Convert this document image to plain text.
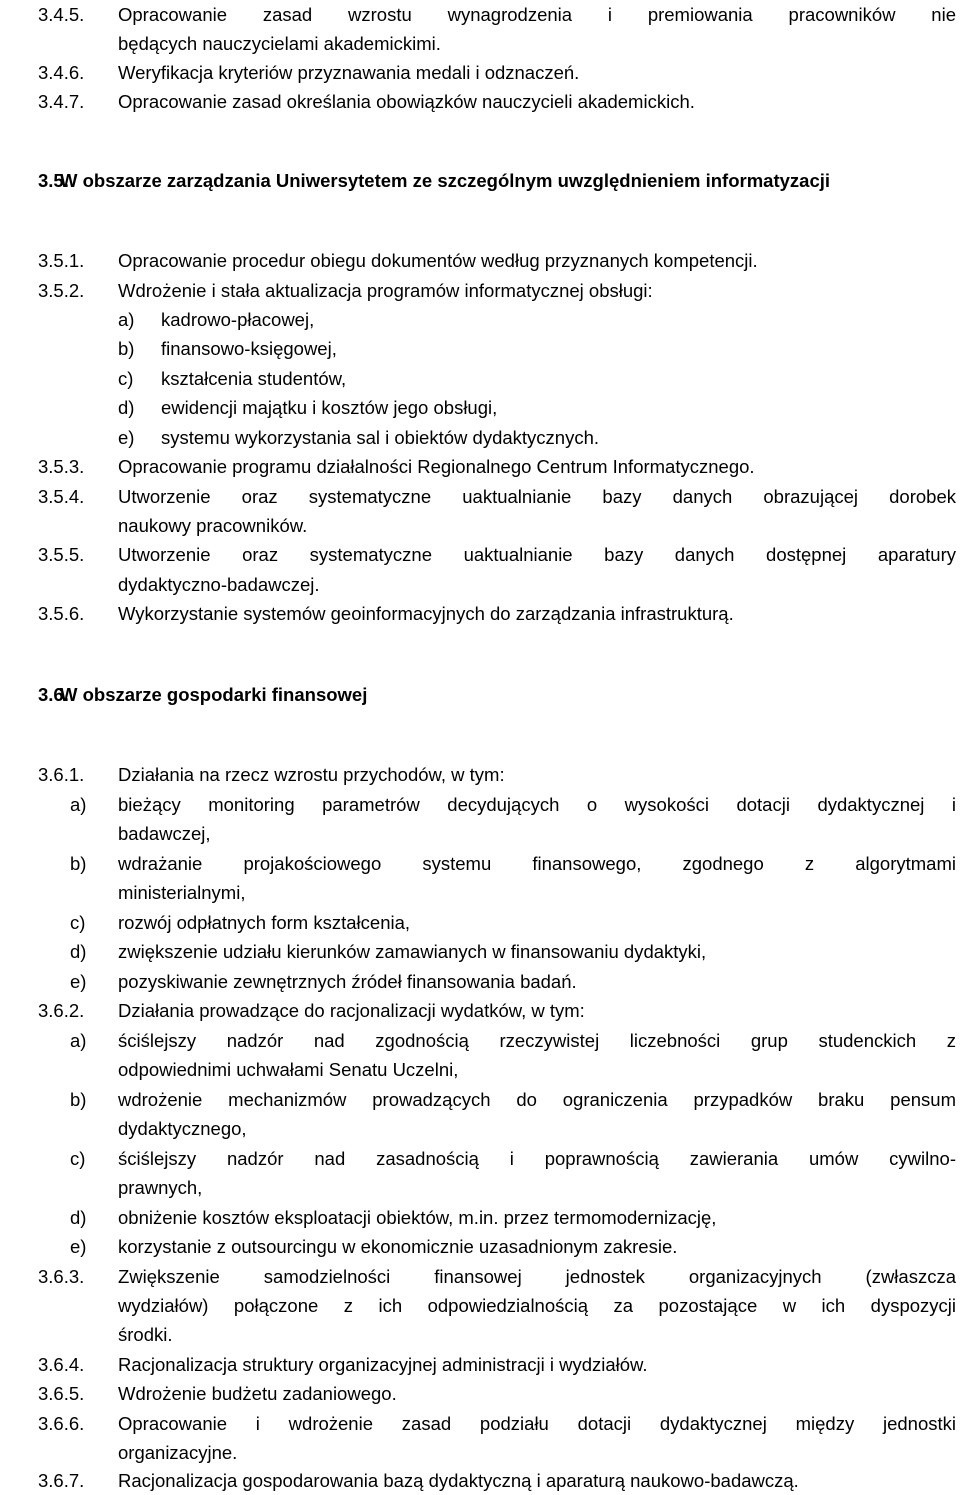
3.4.5. Opracowanie zasad wzrostu wynagrodzenia i premiowania pracowników nie
będących nauczycielami akademickimi.
3.4.6. Weryfikacja kryteriów przyznawania medali i odznaczeń.
3.4.7. Opracowanie zasad określania obowiązków nauczycieli akademickich.
3.5.
W obszarze zarządzania Uniwersytetem ze szczególnym uwzględnieniem informatyzacji
3.5.1. Opracowanie procedur obiegu dokumentów według przyznanych kompetencji.
3.5.2. Wdrożenie i stała aktualizacja programów informatycznej obsługi:
a) kadrowo-płacowej,
b) finansowo-księgowej,
c) kształcenia studentów,
d) ewidencji majątku i kosztów jego obsługi,
e) systemu wykorzystania sal i obiektów dydaktycznych.
3.5.3. Opracowanie programu działalności Regionalnego Centrum Informatycznego.
3.5.4. Utworzenie oraz systematyczne uaktualnianie bazy danych obrazującej dorobek
naukowy pracowników.
3.5.5. Utworzenie oraz systematyczne uaktualnianie bazy danych dostępnej aparatury
dydaktyczno-badawczej.
3.5.6. Wykorzystanie systemów geoinformacyjnych do zarządzania infrastrukturą.
3.6.
W obszarze gospodarki finansowej
3.6.1. Działania na rzecz wzrostu przychodów, w tym:
a) bieżący monitoring parametrów decydujących o wysokości dotacji dydaktycznej i
badawczej,
b) wdrażanie projakościowego systemu finansowego, zgodnego z algorytmami
ministerialnymi,
c) rozwój odpłatnych form kształcenia,
d) zwiększenie udziału kierunków zamawianych w finansowaniu dydaktyki,
e) pozyskiwanie zewnętrznych źródeł finansowania badań.
3.6.2. Działania prowadzące do racjonalizacji wydatków, w tym:
a) ściślejszy nadzór nad zgodnością rzeczywistej liczebności grup studenckich z
odpowiednimi uchwałami Senatu Uczelni,
b) wdrożenie mechanizmów prowadzących do ograniczenia przypadków braku pensum
dydaktycznego,
c) ściślejszy nadzór nad zasadnością i poprawnością zawierania umów cywilno-
prawnych,
d) obniżenie kosztów eksploatacji obiektów, m.in. przez termomodernizację,
e) korzystanie z outsourcingu w ekonomicznie uzasadnionym zakresie.
3.6.3. Zwiększenie samodzielności finansowej jednostek organizacyjnych (zwłaszcza
wydziałów) połączone z ich odpowiedzialnością za pozostające w ich dyspozycji
środki.
3.6.4. Racjonalizacja struktury organizacyjnej administracji i wydziałów.
3.6.5. Wdrożenie budżetu zadaniowego.
3.6.6. Opracowanie i wdrożenie zasad podziału dotacji dydaktycznej między jednostki
organizacyjne.
3.6.7. Racjonalizacja gospodarowania bazą dydaktyczną i aparaturą naukowo-badawczą.
